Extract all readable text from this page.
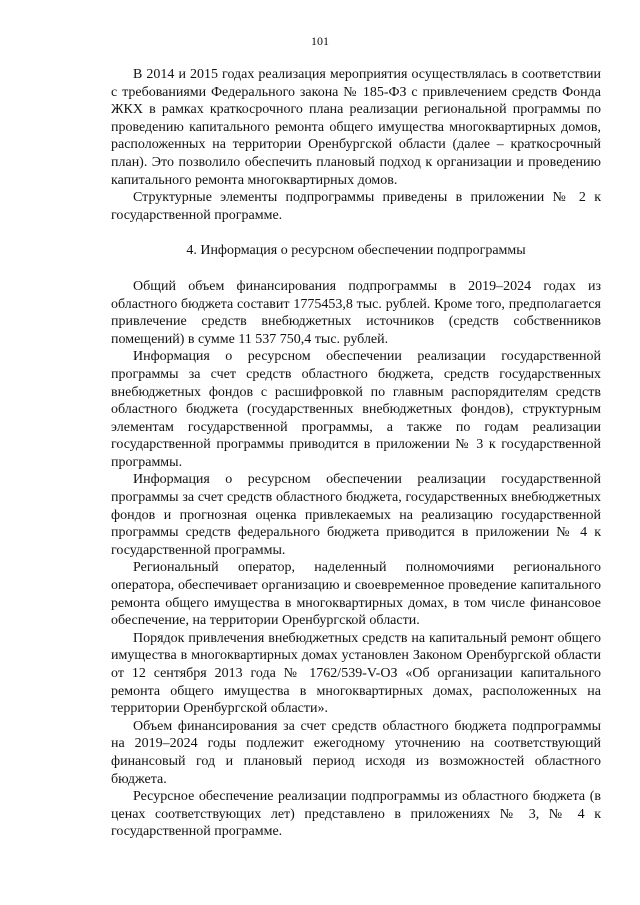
101

В 2014 и 2015 годах реализация мероприятия осуществлялась в соответствии с требованиями Федерального закона № 185-ФЗ с привлечением средств Фонда ЖКХ в рамках краткосрочного плана реализации региональной программы по проведению капитального ремонта общего имущества многоквартирных домов, расположенных на территории Оренбургской области (далее – краткосрочный план). Это позволило обеспечить плановый подход к организации и проведению капитального ремонта многоквартирных домов.

Структурные элементы подпрограммы приведены в приложении № 2 к государственной программе.

4. Информация о ресурсном обеспечении подпрограммы

Общий объем финансирования подпрограммы в 2019–2024 годах из областного бюджета составит 1775453,8 тыс. рублей. Кроме того, предполагается привлечение средств внебюджетных источников (средств собственников помещений) в сумме 11 537 750,4 тыс. рублей.

Информация о ресурсном обеспечении реализации государственной программы за счет средств областного бюджета, средств государственных внебюджетных фондов с расшифровкой по главным распорядителям средств областного бюджета (государственных внебюджетных фондов), структурным элементам государственной программы, а также по годам реализации государственной программы приводится в приложении № 3 к государственной программы.

Информация о ресурсном обеспечении реализации государственной программы за счет средств областного бюджета, государственных внебюджетных фондов и прогнозная оценка привлекаемых на реализацию государственной программы средств федерального бюджета приводится в приложении № 4 к государственной программы.

Региональный оператор, наделенный полномочиями регионального оператора, обеспечивает организацию и своевременное проведение капитального ремонта общего имущества в многоквартирных домах, в том числе финансовое обеспечение, на территории Оренбургской области.

Порядок привлечения внебюджетных средств на капитальный ремонт общего имущества в многоквартирных домах установлен Законом Оренбургской области от 12 сентября 2013 года № 1762/539-V-ОЗ «Об организации капитального ремонта общего имущества в многоквартирных домах, расположенных на территории Оренбургской области».

Объем финансирования за счет средств областного бюджета подпрограммы на 2019–2024 годы подлежит ежегодному уточнению на соответствующий финансовый год и плановый период исходя из возможностей областного бюджета.

Ресурсное обеспечение реализации подпрограммы из областного бюджета (в ценах соответствующих лет) представлено в приложениях № 3, № 4 к государственной программе.
